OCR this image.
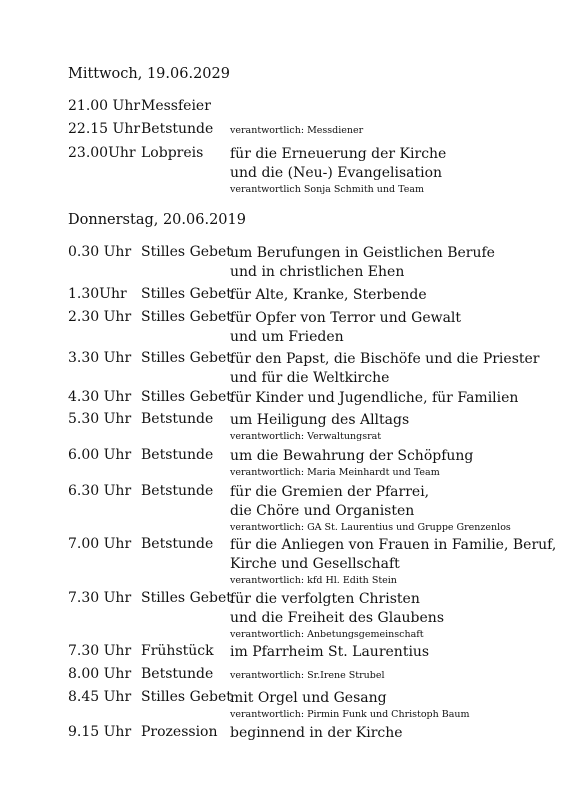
Mittwoch, 19.06.2029
21.00 Uhr Messfeier
22.15 Uhr Betstunde verantwortlich: Messdiener
23.00Uhr Lobpreis für die Erneuerung der Kirche
und die (Neu-) Evangelisation
verantwortlich Sonja Schmith und Team
Donnerstag, 20.06.2019
0.30 Uhr Stilles Gebet
um Berufungen in Geistlichen Berufe
und in christlichen Ehen
1.30Uhr Stilles Gebet
für Alte, Kranke, Sterbende
2.30 Uhr Stilles Gebet
für Opfer von Terror und Gewalt
und um Frieden
3.30 Uhr Stilles Gebet
für den Papst, die Bischöfe und die Priester
und für die Weltkirche
4.30 Uhr Stilles Gebet
für Kinder und Jugendliche, für Familien
5.30 Uhr Betstunde um Heiligung des Alltags
verantwortlich: Verwaltungsrat
6.00 Uhr Betstunde um die Bewahrung der Schöpfung
verantwortlich: Maria Meinhardt und Team
6.30 Uhr Betstunde für die Gremien der Pfarrei,
die Chöre und Organisten
verantwortlich: GA St. Laurentius und Gruppe Grenzenlos
7.00 Uhr Betstunde für die Anliegen von Frauen in Familie, Beruf,
Kirche und Gesellschaft
verantwortlich: kfd Hl. Edith Stein
7.30 Uhr Stilles Gebet
für die verfolgten Christen
und die Freiheit des Glaubens
verantwortlich: Anbetungsgemeinschaft
7.30 Uhr Frühstück im Pfarrheim St. Laurentius
8.00 Uhr Betstunde verantwortlich: Sr.Irene Strubel
8.45 Uhr Stilles Gebet
mit Orgel und Gesang
verantwortlich: Pirmin Funk und Christoph Baum
9.15 Uhr Prozession beginnend in der Kirche
